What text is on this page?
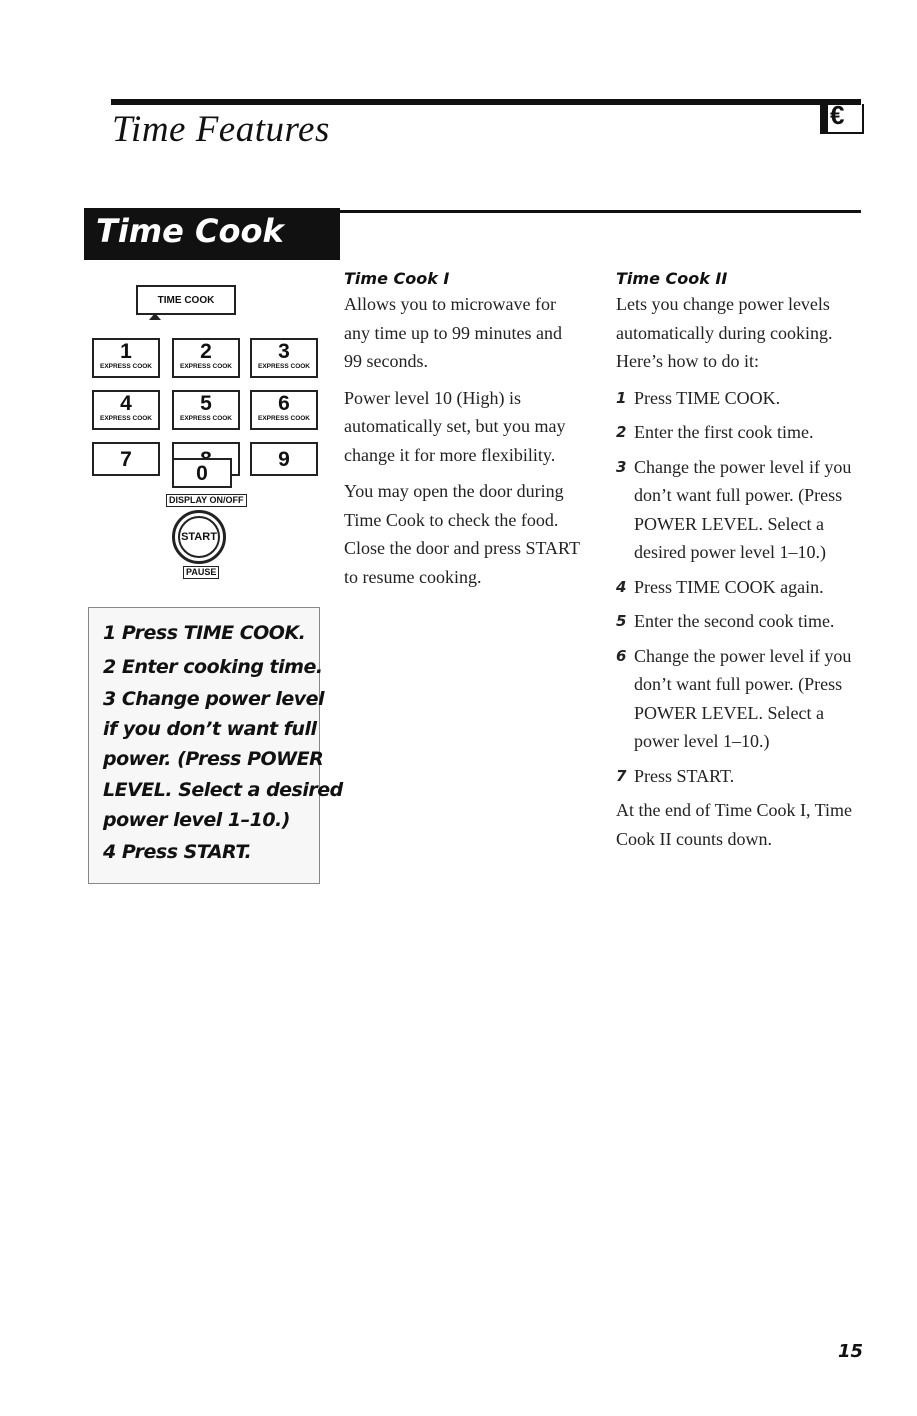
Time Features	€
Time Cook
TIME COOK
1
EXPRESS COOK
2
EXPRESS COOK
3
EXPRESS COOK
4
EXPRESS COOK
5
EXPRESS COOK
6
EXPRESS COOK
7	9
0
DISPLAY ON/OFF
START
PAUSE
1 Press TIME COOK.
2 Enter cooking time.
3 Change power level
if you don’t want full
power. (Press POWER
LEVEL. Select a desired
power level 1–10.)
4 Press START.
Time Cook I

Allows you to microwave for any time up to 99 minutes and 99 seconds.

Power level 10 (High) is automatically set, but you may change it for more flexibility.

You may open the door during Time Cook to check the food. Close the door and press START to resume cooking.

Time Cook II

Lets you change power levels automatically during cooking. Here’s how to do it:

1 Press TIME COOK.
2 Enter the first cook time.
3 Change the power level if you don’t want full power. (Press POWER LEVEL. Select a desired power level 1–10.)
4 Press TIME COOK again.
5 Enter the second cook time.
6 Change the power level if you don’t want full power. (Press POWER LEVEL. Select a power level 1–10.)
7 Press START.

At the end of Time Cook I, Time Cook II counts down.

15
